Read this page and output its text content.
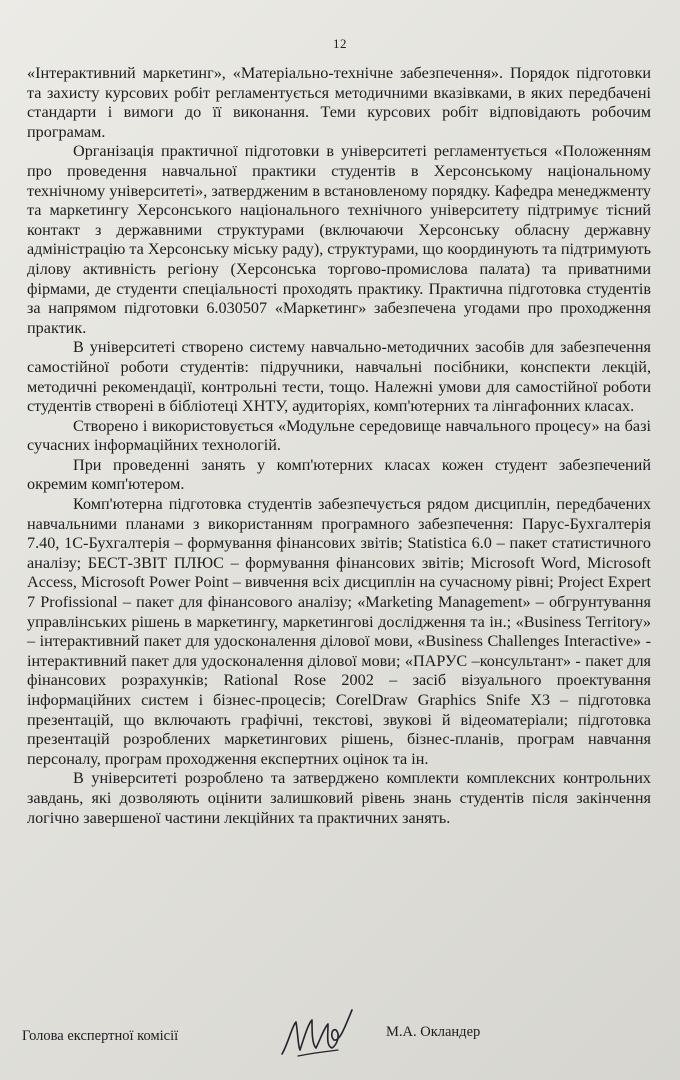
12

«Інтерактивний маркетинг», «Матеріально-технічне забезпечення». Порядок підготовки та захисту курсових робіт регламентується методичними вказівками, в яких передбачені стандарти і вимоги до її виконання. Теми курсових робіт відповідають робочим програмам.

Організація практичної підготовки в університеті регламентується «Положенням про проведення навчальної практики студентів в Херсонському національному технічному університеті», затвердженим в встановленому порядку. Кафедра менеджменту та маркетингу Херсонського національного технічного університету підтримує тісний контакт з державними структурами (включаючи Херсонську обласну державну адміністрацію та Херсонську міську раду), структурами, що координують та підтримують ділову активність регіону (Херсонська торгово-промислова палата) та приватними фірмами, де студенти спеціальності проходять практику. Практична підготовка студентів за напрямом підготовки 6.030507 «Маркетинг» забезпечена угодами про проходження практик.

В університеті створено систему навчально-методичних засобів для забезпечення самостійної роботи студентів: підручники, навчальні посібники, конспекти лекцій, методичні рекомендації, контрольні тести, тощо. Належні умови для самостійної роботи студентів створені в бібліотеці ХНТУ, аудиторіях, комп'ютерних та лінгафонних класах.

Створено і використовується «Модульне середовище навчального процесу» на базі сучасних інформаційних технологій.

При проведенні занять у комп'ютерних класах кожен студент забезпечений окремим комп'ютером.

Комп'ютерна підготовка студентів забезпечується рядом дисциплін, передбачених навчальними планами з використанням програмного забезпечення: Парус-Бухгалтерія 7.40, 1С-Бухгалтерія – формування фінансових звітів; Statistica 6.0 – пакет статистичного аналізу; БЕСТ-ЗВІТ ПЛЮС – формування фінансових звітів; Microsoft Word, Microsoft Access, Microsoft Power Point – вивчення всіх дисциплін на сучасному рівні; Project Expert 7 Profissional – пакет для фінансового аналізу; «Marketing Management» – обгрунтування управлінських рішень в маркетингу, маркетингові дослідження та ін.; «Business Territory» – інтерактивний пакет для удосконалення ділової мови, «Business Challenges Interactive» - інтерактивний пакет для удосконалення ділової мови; «ПАРУС –консультант» - пакет для фінансових розрахунків; Rational Rose 2002 – засіб візуального проектування інформаційних систем і бізнес-процесів; CorelDraw Graphics Snife X3 – підготовка презентацій, що включають графічні, текстові, звукові й відеоматеріали; підготовка презентацій розроблених маркетингових рішень, бізнес-планів, програм навчання персоналу, програм проходження експертних оцінок та ін.

В університеті розроблено та затверджено комплекти комплексних контрольних завдань, які дозволяють оцінити залишковий рівень знань студентів після закінчення логічно завершеної частини лекційних та практичних занять.

Голова експертної комісії	М.А. Окландер
